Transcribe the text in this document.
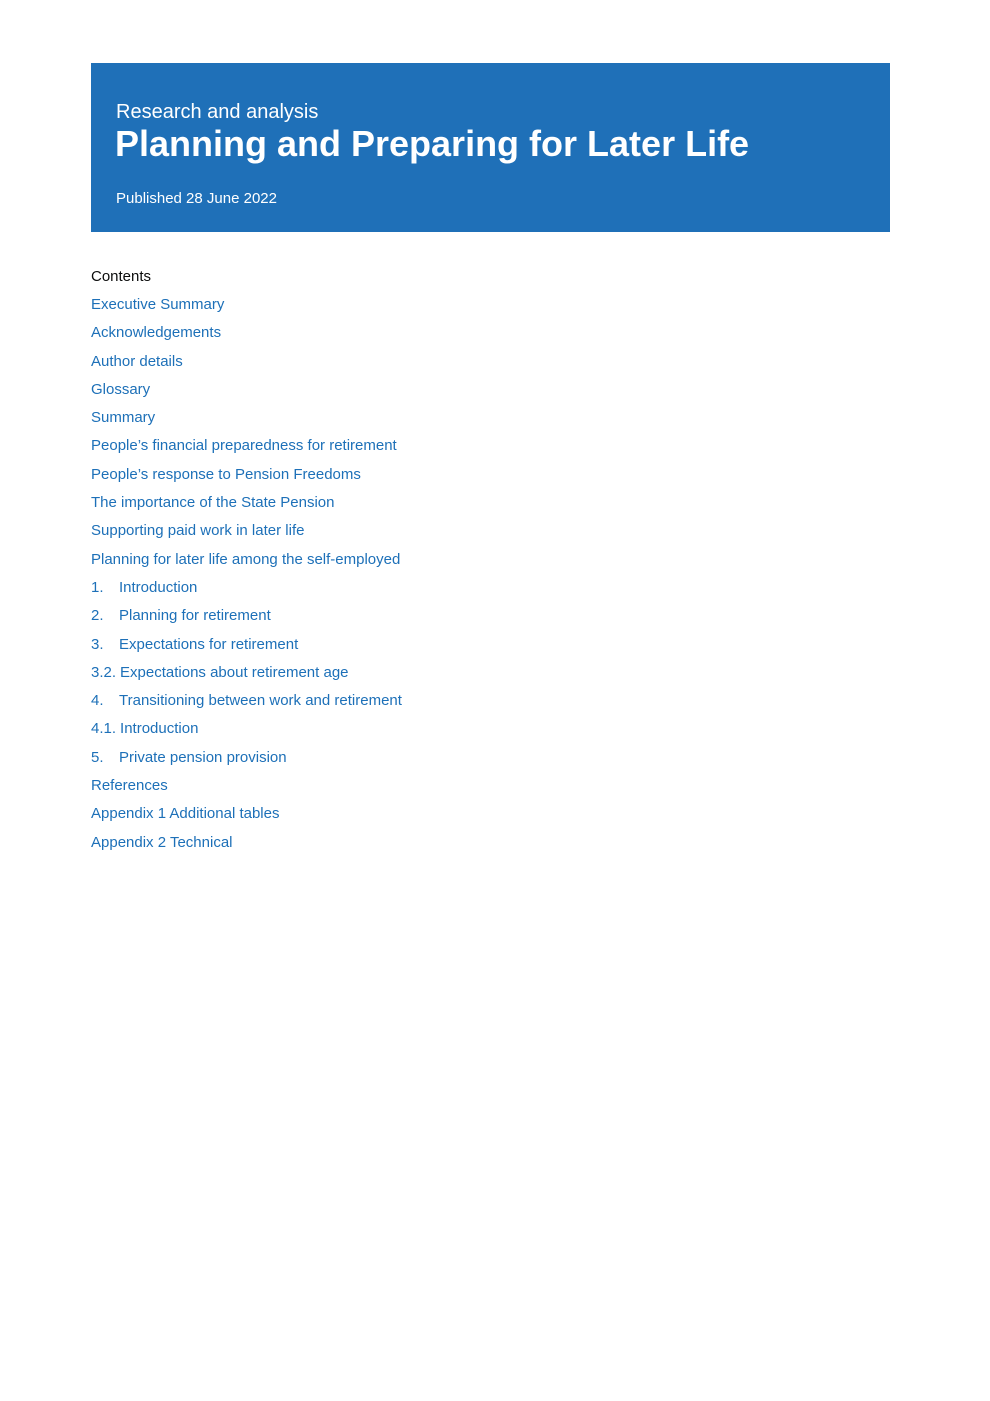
Research and analysis
Planning and Preparing for Later Life
Published 28 June 2022
Contents
Executive Summary
Acknowledgements
Author details
Glossary
Summary
People’s financial preparedness for retirement
People’s response to Pension Freedoms
The importance of the State Pension
Supporting paid work in later life
Planning for later life among the self-employed
1. Introduction
2. Planning for retirement
3. Expectations for retirement
3.2. Expectations about retirement age
4. Transitioning between work and retirement
4.1. Introduction
5. Private pension provision
References
Appendix 1 Additional tables
Appendix 2 Technical
